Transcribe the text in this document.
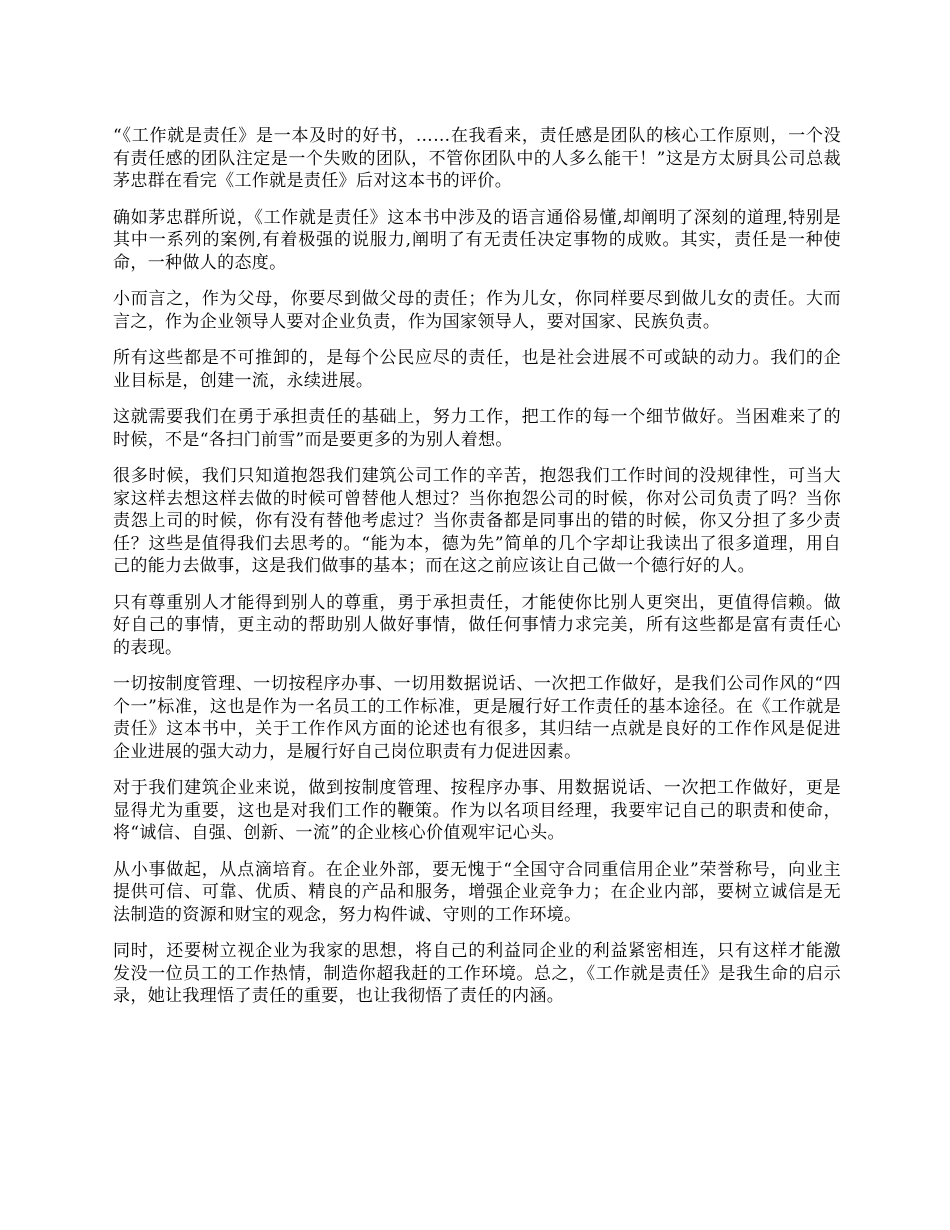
“《工作就是责任》是一本及时的好书，……在我看来，责任感是团队的核心工作原则，一个没有责任感的团队注定是一个失败的团队，不管你团队中的人多么能干！”这是方太厨具公司总裁茅忠群在看完《工作就是责任》后对这本书的评价。

确如茅忠群所说，《工作就是责任》这本书中涉及的语言通俗易懂,却阐明了深刻的道理,特别是其中一系列的案例,有着极强的说服力,阐明了有无责任决定事物的成败。其实，责任是一种使命，一种做人的态度。

小而言之，作为父母，你要尽到做父母的责任；作为儿女，你同样要尽到做儿女的责任。大而言之，作为企业领导人要对企业负责，作为国家领导人，要对国家、民族负责。

所有这些都是不可推卸的，是每个公民应尽的责任，也是社会进展不可或缺的动力。我们的企业目标是，创建一流，永续进展。

这就需要我们在勇于承担责任的基础上，努力工作，把工作的每一个细节做好。当困难来了的时候，不是“各扫门前雪”而是要更多的为别人着想。

很多时候，我们只知道抱怨我们建筑公司工作的辛苦，抱怨我们工作时间的没规律性，可当大家这样去想这样去做的时候可曾替他人想过？当你抱怨公司的时候，你对公司负责了吗？当你责怨上司的时候，你有没有替他考虑过？当你责备都是同事出的错的时候，你又分担了多少责任？这些是值得我们去思考的。“能为本，德为先”简单的几个字却让我读出了很多道理，用自己的能力去做事，这是我们做事的基本；而在这之前应该让自己做一个德行好的人。

只有尊重别人才能得到别人的尊重，勇于承担责任，才能使你比别人更突出，更值得信赖。做好自己的事情，更主动的帮助别人做好事情，做任何事情力求完美，所有这些都是富有责任心的表现。

一切按制度管理、一切按程序办事、一切用数据说话、一次把工作做好，是我们公司作风的“四个一”标准，这也是作为一名员工的工作标准，更是履行好工作责任的基本途径。在《工作就是责任》这本书中，关于工作作风方面的论述也有很多，其归结一点就是良好的工作作风是促进企业进展的强大动力，是履行好自己岗位职责有力促进因素。

对于我们建筑企业来说，做到按制度管理、按程序办事、用数据说话、一次把工作做好，更是显得尤为重要，这也是对我们工作的鞭策。作为以名项目经理，我要牢记自己的职责和使命，将“诚信、自强、创新、一流”的企业核心价值观牢记心头。

从小事做起，从点滴培育。在企业外部，要无愧于“全国守合同重信用企业”荣誉称号，向业主提供可信、可靠、优质、精良的产品和服务，增强企业竞争力；在企业内部，要树立诚信是无法制造的资源和财宝的观念，努力构件诚、守则的工作环境。

同时，还要树立视企业为我家的思想，将自己的利益同企业的利益紧密相连，只有这样才能激发没一位员工的工作热情，制造你超我赶的工作环境。总之，《工作就是责任》是我生命的启示录，她让我理悟了责任的重要，也让我彻悟了责任的内涵。
